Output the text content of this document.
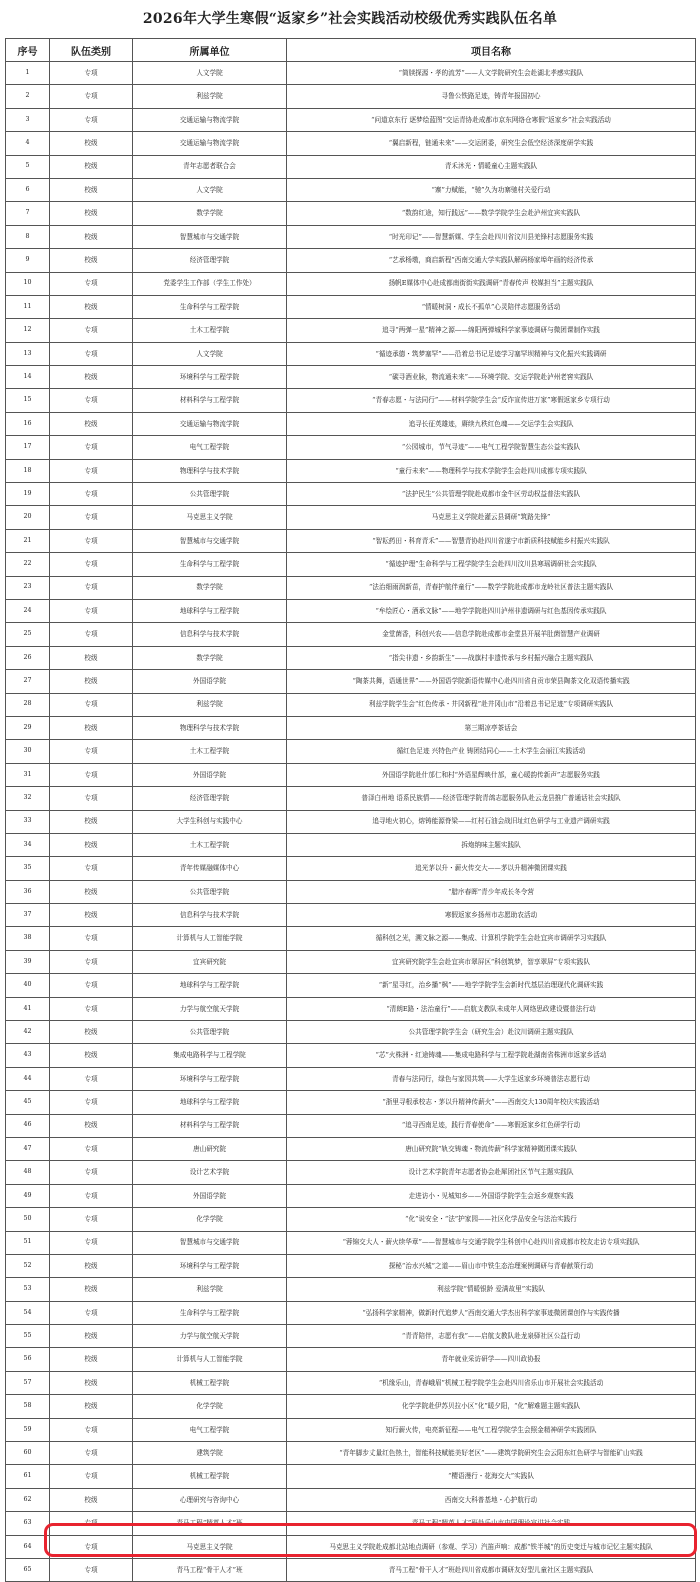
2026年大学生寒假“返家乡”社会实践活动校级优秀实践队伍名单
序号	队伍类别	所属单位	项目名称
1	专项	人文学院	“简牍探源・孝的流芳”——人文学院研究生会赴湖北孝感实践队
2	专项	利兹学院	寻鲁公铁路足迹，铸青年报国初心
3	专项	交通运输与物流学院	“问道京东行 逐梦绘蓝图”交运青协赴成都市京东网络仓寒假“返家乡”社会实践活动
4	校级	交通运输与物流学院	“翼启新程，链通未来”——交运团委，研究生会低空经济深度研学实践
5	校级	青年志愿者联合会	青禾沐光・情暖童心主题实践队
6	校级	人文学院	“寨”力赋能，“驰”久为功寨驰村关爱行动
7	校级	数学学院	“数韵红途，知行践远”——数学学院学生会赴泸州宜宾实践队
8	校级	智慧城市与交通学院	“时光印记”——智慧新媒、学生会赴四川省汶川县羌锋村志愿服务实践
9	校级	经济管理学院	“艺承杨墩，商启新程”西南交通大学实践队解码杨家埠年画的经济传承
10	专项	党委学生工作部（学生工作处）	扬帆E媒体中心赴成都南街街实践调研“青春传声 校媒担当”主题实践队
11	校级	生命科学与工程学院	“情暖树洞・成长不孤单”心灵陪伴志愿服务活动
12	专项	土木工程学院	追寻“两弹一星”精神之源——绵阳两弹城科学家事迹调研与微团课制作实践
13	专项	人文学院	“循迹承德・筑梦塞罕”——沿着总书记足迹学习塞罕坝精神与文化振兴实践调研
14	校级	环境科学与工程学院	“碳寻酒业脉，物流通未来”——环境学院、交运学院赴泸州老窖实践队
15	专项	材料科学与工程学院	“青春志愿・与法同行”——材料学院学生会“反诈宣传进万家”寒假返家乡专项行动
16	校级	交通运输与物流学院	追寻长征英雄迹，赓续九秩红色魂——交运学生会实践队
17	专项	电气工程学院	“公园城市，节气寻迹”——电气工程学院智慧生态公益实践队
18	专项	物理科学与技术学院	“童行未来”——物理科学与技术学院学生会赴四川成都专项实践队
19	专项	公共管理学院	“法护民生”公共管理学院赴成都市金牛区劳动权益普法实践队
20	专项	马克思主义学院	马克思主义学院赴灌云县调研“筑路先锋”
21	专项	智慧城市与交通学院	“智耘药田・科育青禾”——智慧青协赴四川省遂宁市新质科技赋能乡村振兴实践队
22	专项	生命科学与工程学院	“循迹护理”生命科学与工程学院学生会赴四川汶川县寒瑶调研社会实践队
23	专项	数学学院	“法治细雨润新苗，青春护航伴童行”——数学学院赴成都市龙岭社区普法主题实践队
24	专项	地球科学与工程学院	“牟绘匠心・酒承文脉”——地学学院赴四川泸州非遗调研与红色基因传承实践队
25	专项	信息科学与技术学院	金堂菌香，科创兴农——信息学院赴成都市金堂县开展羊肚菌智慧产业调研
26	校级	数学学院	“指尖非遗・乡韵新生”——战旗村非遗传承与乡村振兴融合主题实践队
27	校级	外国语学院	“陶茶共舞，语通世界”——外国语学院新语传媒中心赴四川省自贡市荣县陶茶文化双语传播实践
28	专项	利兹学院	利兹学院学生会“红色传承・井冈新程”赴井冈山市“沿着总书记足迹”专项调研实践队
29	校级	物理科学与技术学院	第三期凉亭茶话会
30	专项	土木工程学院	循红色足迹 兴特色产业 铸团结同心——土木学生会丽江实践活动
31	专项	外国语学院	外国语学院赴什邡仁和村“外语星辉映什邡，童心暖韵传新声”志愿服务实践
32	专项	经济管理学院	普泽白州地 语系民族情——经济管理学院青鸽志愿服务队赴云龙县推广普通话社会实践队
33	校级	大学生科创与实践中心	追寻地火初心，熔铸能源脊梁——红村石油会战旧址红色研学与工业遗产调研实践
34	校级	土木工程学院	拆炮纳味主题实践队
35	专项	青年传媒融媒体中心	追光茅以升・薪火传交大——茅以升精神微团课实践
36	校级	公共管理学院	“腊序春晖”青少年成长冬令营
37	校级	信息科学与技术学院	寒假返家乡扬州市志愿助农活动
38	专项	计算机与人工智能学院	循科创之光，溯文脉之源——集成、计算机学院学生会赴宜宾市调研学习实践队
39	专项	宜宾研究院	宜宾研究院学生会赴宜宾市翠屏区“科创筑梦，智享翠屏”专项实践队
40	专项	地球科学与工程学院	“新”星寻红，治乡播“枫”——地学学院学生会新时代基层治理现代化调研实践
41	专项	力学与航空航天学院	“清朗E路・法治童行”——启航支教队未成年人网络思政建设暨普法行动
42	校级	公共管理学院	公共管理学院学生会（研究生会）赴汶川调研主题实践队
43	校级	集成电路科学与工程学院	“芯”火株洲・红途铸魂——集成电路科学与工程学院赴湖南省株洲市返家乡活动
44	专项	环境科学与工程学院	青春与法同行，绿色与家园共筑——大学生返家乡环境普法志愿行动
45	专项	地球科学与工程学院	“浙里寻根承校志・茅以升精神传薪火”——西南交大130周年校庆实践活动
46	校级	材料科学与工程学院	“追寻西南足迹，践行青春使命”——寒假返家乡红色研学行动
47	专项	唐山研究院	唐山研究院“轨交铸魂・物流传薪”科学家精神微团课实践队
48	专项	设计艺术学院	设计艺术学院青年志愿者协会赴犀团社区节气主题实践队
49	专项	外国语学院	走进访小・见城知乡——外国语学院学生会返乡观察实践
50	专项	化学学院	“化”说安全・“法”护家园——社区化学品安全与法治实践行
51	专项	智慧城市与交通学院	“蓉锦交大人・薪火续华章”——智慧城市与交通学院学生科创中心赴四川省成都市校友走访专项实践队
52	校级	环境科学与工程学院	探秘“治水兴城”之道——眉山市中铁生态治理案例调研与青春献策行动
53	校级	利兹学院	利兹学院“情暖银龄 爱满故里”实践队
54	专项	生命科学与工程学院	“弘扬科学家精神，做新时代追梦人”西南交通大学杰出科学家事迹微团课创作与实践传播
55	校级	力学与航空航天学院	“青青陪伴，志愿有我”——启航支教队赴龙泉驿社区公益行动
56	校级	计算机与人工智能学院	青年就业采访研学——四川政协报
57	校级	机械工程学院	“机缘乐山，青春峨眉”机械工程学院学生会赴四川省乐山市开展社会实践活动
58	校级	化学学院	化学学院赴伊苏贝拉小区“化”暖夕阳，“化”解难题主题实践队
59	专项	电气工程学院	知行薪火传，电亮新征程——电气工程学院学生会照金精神研学实践团队
60	专项	建筑学院	“青年脚步丈量红色热土，智能科技赋能美好老区”——建筑学院研究生会云阳东红色研学与智能矿山实践
61	专项	机械工程学院	“樱语漫行・花海交大”实践队
62	校级	心理研究与咨询中心	西南交大科普基地・心护航行动
63	专项	青马工程“精英人才”班	青马工程“精英人才”班赴乐山市中国理论宣讲社会实践
64	专项	马克思主义学院	马克思主义学院赴成都北站地点调研（参观、学习）汽笛声响：成都“铁半城”的历史变迁与城市记忆主题实践队
65	专项	青马工程“骨干人才”班	青马工程“骨干人才”班赴四川省成都市调研友好型儿童社区主题实践队
